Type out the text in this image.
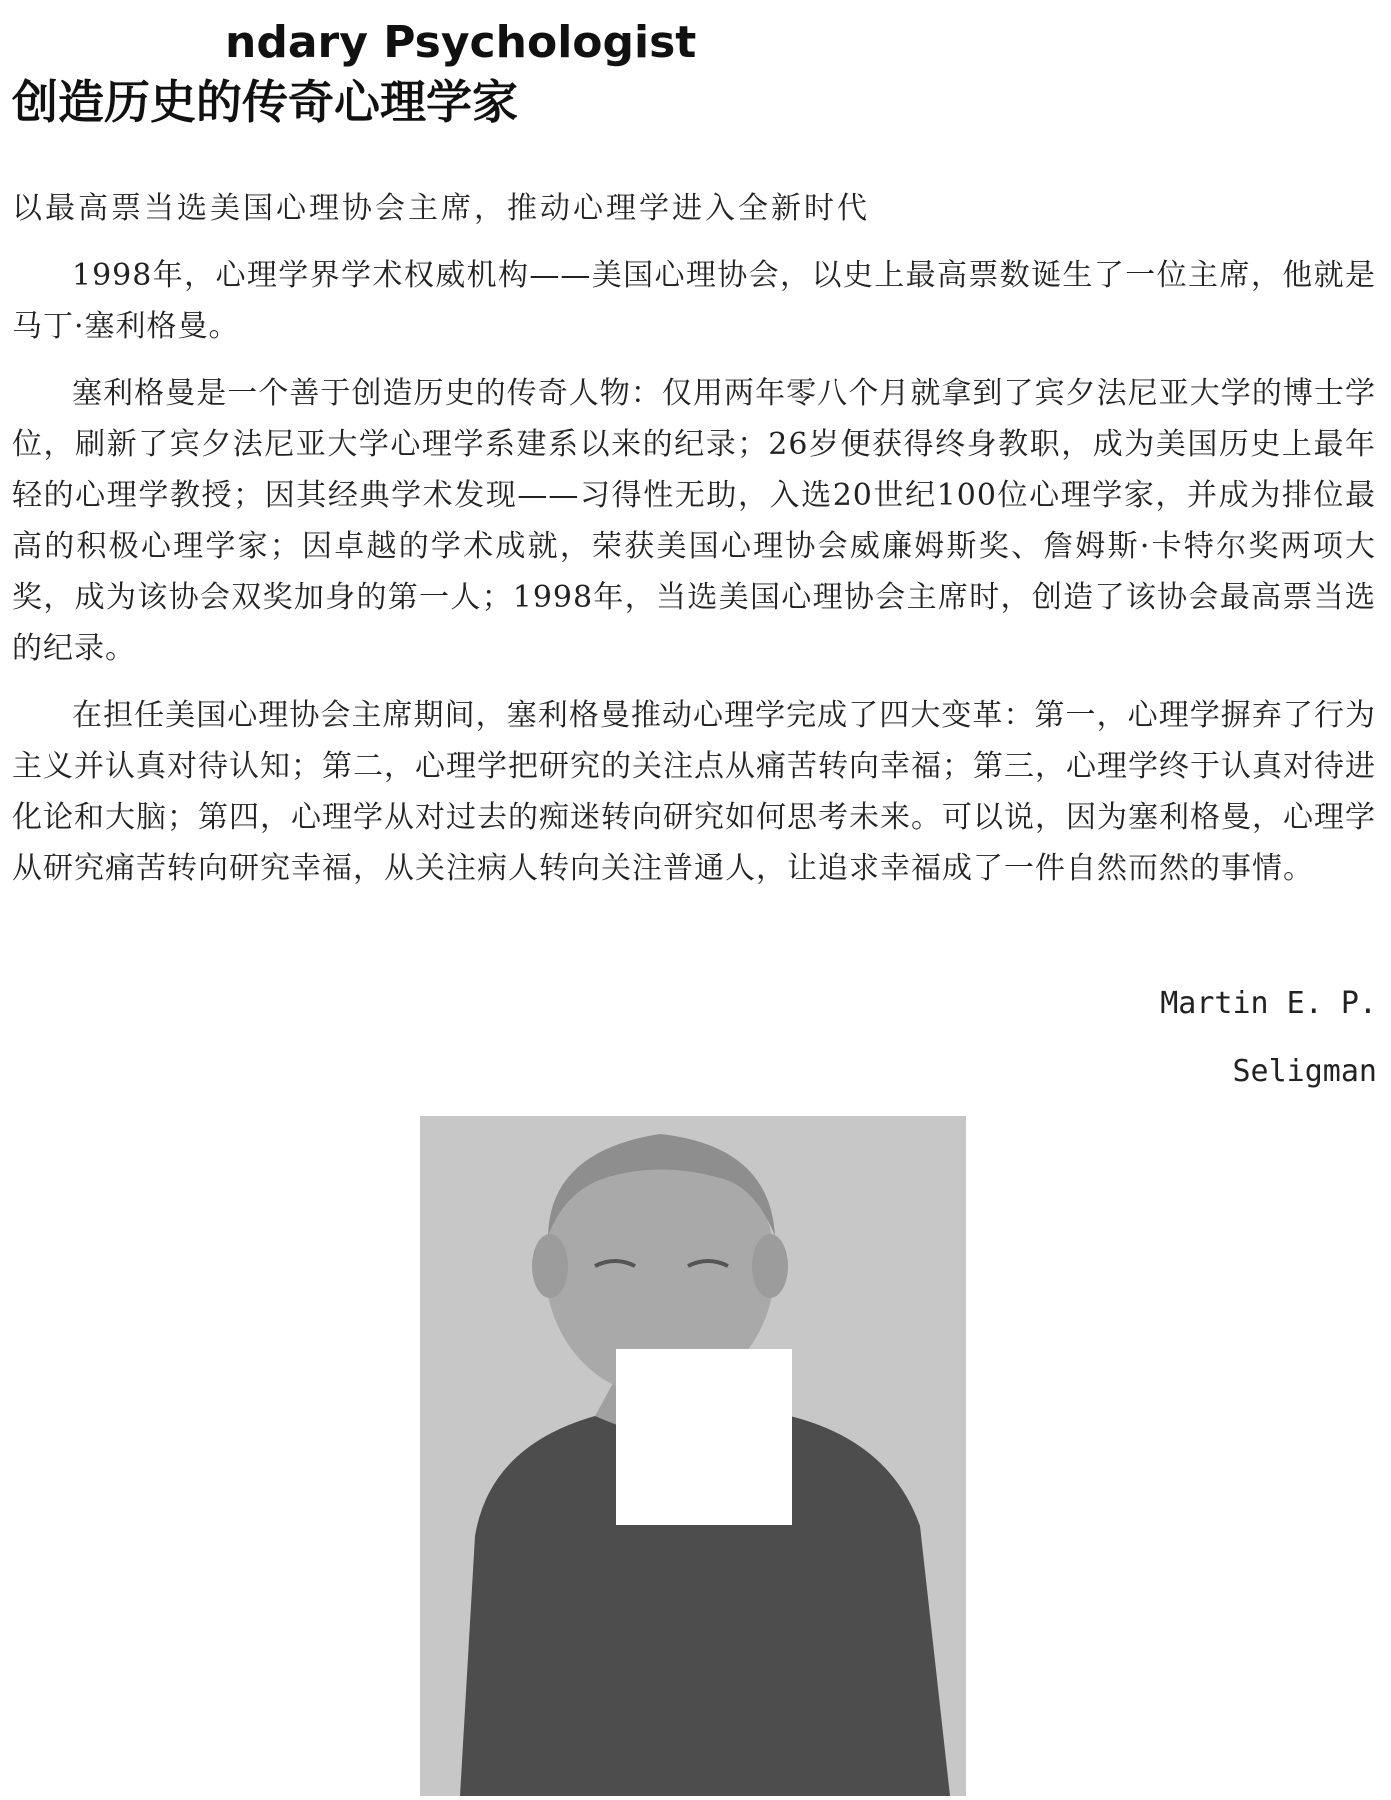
ndary Psychologist
创造历史的传奇心理学家

以最高票当选美国心理协会主席，推动心理学进入全新时代

1998年，心理学界学术权威机构——美国心理协会，以史上最高票数诞生了一位主席，他就是马丁·塞利格曼。

塞利格曼是一个善于创造历史的传奇人物：仅用两年零八个月就拿到了宾夕法尼亚大学的博士学位，刷新了宾夕法尼亚大学心理学系建系以来的纪录；26岁便获得终身教职，成为美国历史上最年轻的心理学教授；因其经典学术发现——习得性无助，入选20世纪100位心理学家，并成为排位最高的积极心理学家；因卓越的学术成就，荣获美国心理协会威廉姆斯奖、詹姆斯·卡特尔奖两项大奖，成为该协会双奖加身的第一人；1998年，当选美国心理协会主席时，创造了该协会最高票当选的纪录。

在担任美国心理协会主席期间，塞利格曼推动心理学完成了四大变革：第一，心理学摒弃了行为主义并认真对待认知；第二，心理学把研究的关注点从痛苦转向幸福；第三，心理学终于认真对待进化论和大脑；第四，心理学从对过去的痴迷转向研究如何思考未来。可以说，因为塞利格曼，心理学从研究痛苦转向研究幸福，从关注病人转向关注普通人，让追求幸福成了一件自然而然的事情。

Martin E. P.
Seligman
